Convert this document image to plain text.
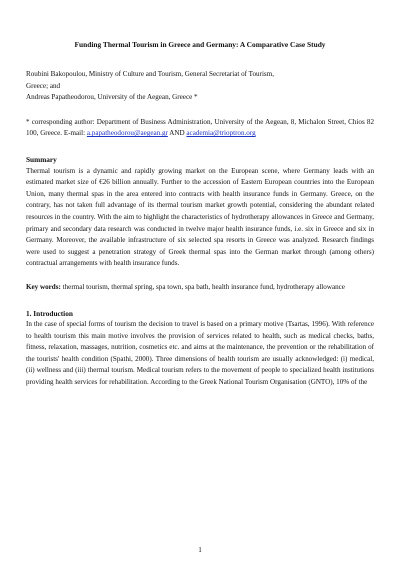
Funding Thermal Tourism in Greece and Germany: A Comparative Case Study
Roubini Bakopoulou, Ministry of Culture and Tourism, General Secretariat of Tourism,
Greece; and
Andreas Papatheodorou, University of the Aegean, Greece *
* corresponding author: Department of Business Administration, University of the Aegean, 8, Michalon Street, Chios 82 100, Greece. E-mail: a.papatheodorou@aegean.gr AND academia@trioptron.org
Summary
Thermal tourism is a dynamic and rapidly growing market on the European scene, where Germany leads with an estimated market size of €26 billion annually. Further to the accession of Eastern European countries into the European Union, many thermal spas in the area entered into contracts with health insurance funds in Germany. Greece, on the contrary, has not taken full advantage of its thermal tourism market growth potential, considering the abundant related resources in the country. With the aim to highlight the characteristics of hydrotherapy allowances in Greece and Germany, primary and secondary data research was conducted in twelve major health insurance funds, i.e. six in Greece and six in Germany. Moreover, the available infrastructure of six selected spa resorts in Greece was analyzed. Research findings were used to suggest a penetration strategy of Greek thermal spas into the German market through (among others) contractual arrangements with health insurance funds.
Key words: thermal tourism, thermal spring, spa town, spa bath, health insurance fund, hydrotherapy allowance
1. Introduction
In the case of special forms of tourism the decision to travel is based on a primary motive (Tsartas, 1996). With reference to health tourism this main motive involves the provision of services related to health, such as medical checks, baths, fitness, relaxation, massages, nutrition, cosmetics etc. and aims at the maintenance, the prevention or the rehabilitation of the tourists' health condition (Spathi, 2000). Three dimensions of health tourism are usually acknowledged: (i) medical, (ii) wellness and (iii) thermal tourism. Medical tourism refers to the movement of people to specialized health institutions providing health services for rehabilitation. According to the Greek National Tourism Organisation (GNTO), 10% of the
1
